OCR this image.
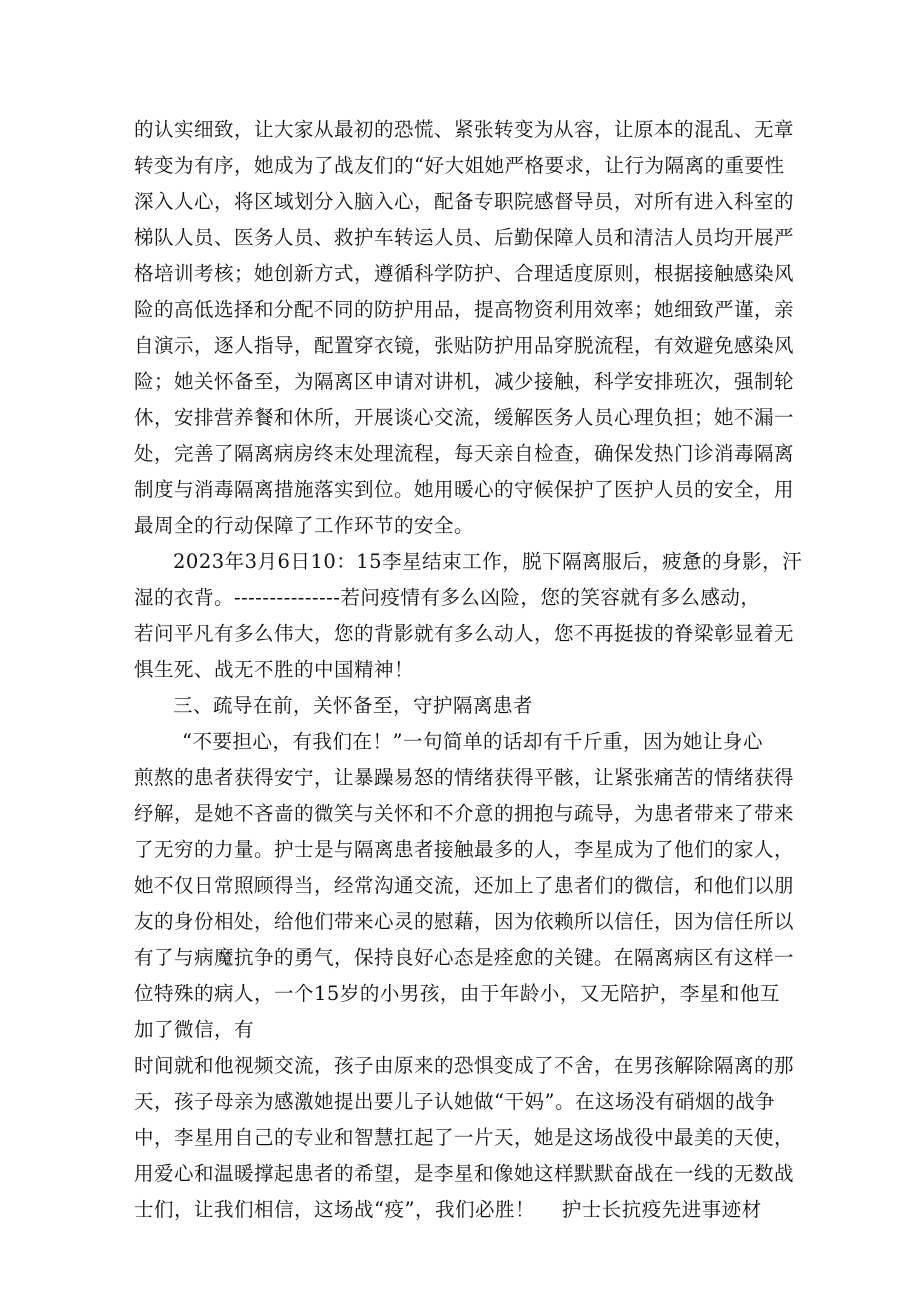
的认实细致，让大家从最初的恐慌、紧张转变为从容，让原本的混乱、无章
转变为有序，她成为了战友们的“好大姐她严格要求，让行为隔离的重要性
深入人心，将区域划分入脑入心，配备专职院感督导员，对所有进入科室的
梯队人员、医务人员、救护车转运人员、后勤保障人员和清洁人员均开展严
格培训考核；她创新方式，遵循科学防护、合理适度原则，根据接触感染风
险的高低选择和分配不同的防护用品，提高物资利用效率；她细致严谨，亲
自演示，逐人指导，配置穿衣镜，张贴防护用品穿脱流程，有效避免感染风
险；她关怀备至，为隔离区申请对讲机，减少接触，科学安排班次，强制轮
休，安排营养餐和休所，开展谈心交流，缓解医务人员心理负担；她不漏一
处，完善了隔离病房终末处理流程，每天亲自检查，确保发热门诊消毒隔离
制度与消毒隔离措施落实到位。她用暖心的守候保护了医护人员的安全，用
最周全的行动保障了工作环节的安全。
2023年3月6日10：15李星结束工作，脱下隔离服后，疲惫的身影，汗
湿的衣背。---------------若问疫情有多么凶险，您的笑容就有多么感动，
若问平凡有多么伟大，您的背影就有多么动人，您不再挺拔的脊梁彰显着无
惧生死、战无不胜的中国精神！
三、疏导在前，关怀备至，守护隔离患者
“不要担心，有我们在！”一句简单的话却有千斤重，因为她让身心
煎熬的患者获得安宁，让暴躁易怒的情绪获得平骸，让紧张痛苦的情绪获得
纾解，是她不吝啬的微笑与关怀和不介意的拥抱与疏导，为患者带来了带来
了无穷的力量。护士是与隔离患者接触最多的人，李星成为了他们的家人，
她不仅日常照顾得当，经常沟通交流，还加上了患者们的微信，和他们以朋
友的身份相处，给他们带来心灵的慰藉，因为依赖所以信任，因为信任所以
有了与病魔抗争的勇气，保持良好心态是痊愈的关键。在隔离病区有这样一
位特殊的病人，一个15岁的小男孩，由于年龄小，又无陪护，李星和他互
加了微信，有
时间就和他视频交流，孩子由原来的恐惧变成了不舍，在男孩解除隔离的那
天，孩子母亲为感激她提出要儿子认她做“干妈”。在这场没有硝烟的战争
中，李星用自己的专业和智慧扛起了一片天，她是这场战役中最美的天使，
用爱心和温暖撑起患者的希望，是李星和像她这样默默奋战在一线的无数战
士们，让我们相信，这场战“疫”，我们必胜！    护士长抗疫先进事迹材
